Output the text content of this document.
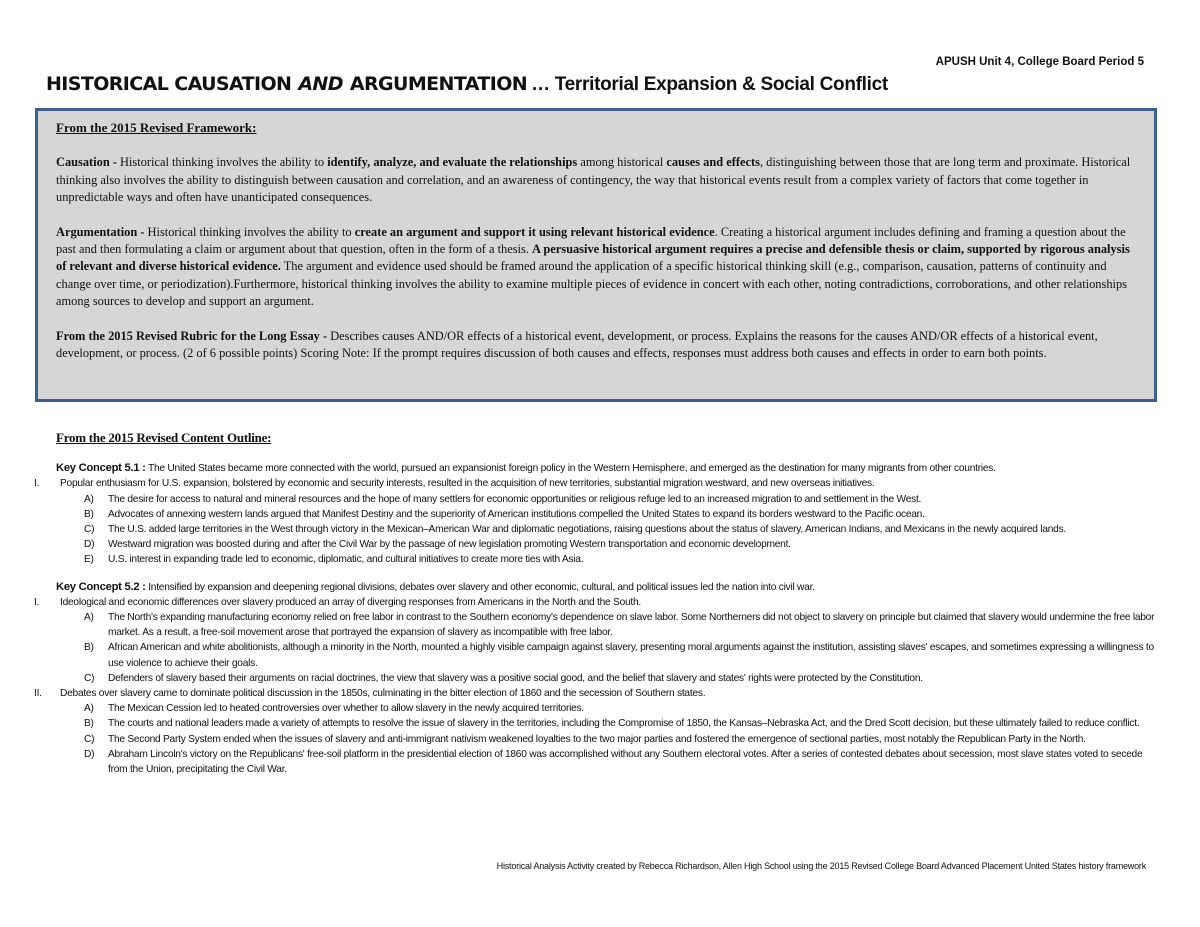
APUSH Unit 4, College Board Period 5
HISTORICAL CAUSATION AND ARGUMENTATION … Territorial Expansion & Social Conflict

From the 2015 Revised Framework:

Causation - Historical thinking involves the ability to identify, analyze, and evaluate the relationships among historical causes and effects, distinguishing between those that are long term and proximate. Historical thinking also involves the ability to distinguish between causation and correlation, and an awareness of contingency, the way that historical events result from a complex variety of factors that come together in unpredictable ways and often have unanticipated consequences.

Argumentation - Historical thinking involves the ability to create an argument and support it using relevant historical evidence. Creating a historical argument includes defining and framing a question about the past and then formulating a claim or argument about that question, often in the form of a thesis. A persuasive historical argument requires a precise and defensible thesis or claim, supported by rigorous analysis of relevant and diverse historical evidence. The argument and evidence used should be framed around the application of a specific historical thinking skill (e.g., comparison, causation, patterns of continuity and change over time, or periodization).Furthermore, historical thinking involves the ability to examine multiple pieces of evidence in concert with each other, noting contradictions, corroborations, and other relationships among sources to develop and support an argument.

From the 2015 Revised Rubric for the Long Essay - Describes causes AND/OR effects of a historical event, development, or process. Explains the reasons for the causes AND/OR effects of a historical event, development, or process. (2 of 6 possible points) Scoring Note: If the prompt requires discussion of both causes and effects, responses must address both causes and effects in order to earn both points.

From the 2015 Revised Content Outline:
Key Concept 5.1 : The United States became more connected with the world, pursued an expansionist foreign policy in the Western Hemisphere, and emerged as the destination for many migrants from other countries.
I.	Popular enthusiasm for U.S. expansion, bolstered by economic and security interests, resulted in the acquisition of new territories, substantial migration westward, and new overseas initiatives.
A) The desire for access to natural and mineral resources and the hope of many settlers for economic opportunities or religious refuge led to an increased migration to and settlement in the West.
B) Advocates of annexing western lands argued that Manifest Destiny and the superiority of American institutions compelled the United States to expand its borders westward to the Pacific ocean.
C) The U.S. added large territories in the West through victory in the Mexican–American War and diplomatic negotiations, raising questions about the status of slavery, American Indians, and Mexicans in the newly acquired lands.
D) Westward migration was boosted during and after the Civil War by the passage of new legislation promoting Western transportation and economic development.
E) U.S. interest in expanding trade led to economic, diplomatic, and cultural initiatives to create more ties with Asia.
Key Concept 5.2 : Intensified by expansion and deepening regional divisions, debates over slavery and other economic, cultural, and political issues led the nation into civil war.
I.	Ideological and economic differences over slavery produced an array of diverging responses from Americans in the North and the South.
A) The North's expanding manufacturing economy relied on free labor in contrast to the Southern economy's dependence on slave labor. Some Northerners did not object to slavery on principle but claimed that slavery would undermine the free labor market. As a result, a free-soil movement arose that portrayed the expansion of slavery as incompatible with free labor.
B) African American and white abolitionists, although a minority in the North, mounted a highly visible campaign against slavery, presenting moral arguments against the institution, assisting slaves' escapes, and sometimes expressing a willingness to use violence to achieve their goals.
C) Defenders of slavery based their arguments on racial doctrines, the view that slavery was a positive social good, and the belief that slavery and states' rights were protected by the Constitution.
II.	Debates over slavery came to dominate political discussion in the 1850s, culminating in the bitter election of 1860 and the secession of Southern states.
A) The Mexican Cession led to heated controversies over whether to allow slavery in the newly acquired territories.
B) The courts and national leaders made a variety of attempts to resolve the issue of slavery in the territories, including the Compromise of 1850, the Kansas–Nebraska Act, and the Dred Scott decision, but these ultimately failed to reduce conflict.
C) The Second Party System ended when the issues of slavery and anti-immigrant nativism weakened loyalties to the two major parties and fostered the emergence of sectional parties, most notably the Republican Party in the North.
D) Abraham Lincoln's victory on the Republicans' free-soil platform in the presidential election of 1860 was accomplished without any Southern electoral votes. After a series of contested debates about secession, most slave states voted to secede from the Union, precipitating the Civil War.
Historical Analysis Activity created by Rebecca Richardson, Allen High School using the 2015 Revised College Board Advanced Placement United States history framework
